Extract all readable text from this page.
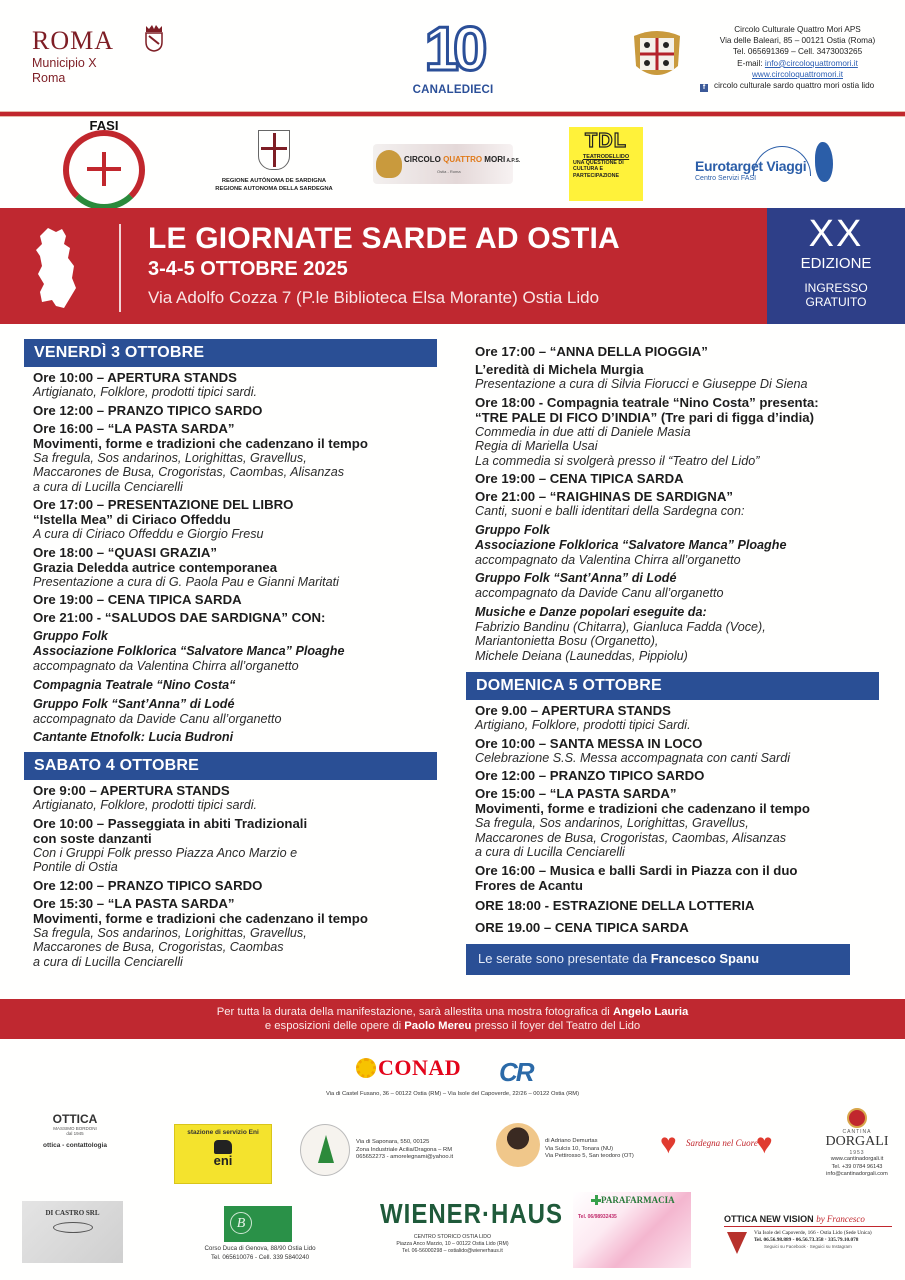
ROMA
Municipio X
Roma	10
CANALEDIECI
Circolo Culturale Quattro Mori APS
Via delle Baleari, 85 – 00121 Ostia (Roma)
Tel. 065691369 – Cell. 3473003265
E-mail: info@circoloquattromori.it
www.circoloquattromori.it
f circolo culturale sardo quattro mori ostia lido
FASI
REGIONE AUTÒNOMA DE SARDIGNA
REGIONE AUTONOMA DELLA SARDEGNA
CIRCOLO QUATTRO MORI A.P.S.
Ostia - Roma
TDL
TEATRODELLIDO
UNA QUESTIONE DI CULTURA E PARTECIPAZIONE
Eurotarget Viaggi
Centro Servizi FASI
LE GIORNATE SARDE AD OSTIA
3-4-5 OTTOBRE 2025
Via Adolfo Cozza 7 (P.le Biblioteca Elsa Morante) Ostia Lido
XX
EDIZIONE
INGRESSO
GRATUITO
VENERDÌ 3 OTTOBRE
Ore 10:00 – APERTURA STANDS
Artigianato, Folklore, prodotti tipici sardi.
Ore 12:00 – PRANZO TIPICO SARDO
Ore 16:00 – “LA PASTA SARDA”
Movimenti, forme e tradizioni che cadenzano il tempo
Sa fregula, Sos andarinos, Lorighittas, Gravellus,
Maccarones de Busa, Crogoristas, Caombas, Alisanzas
a cura di Lucilla Cenciarelli
Ore 17:00 – PRESENTAZIONE DEL LIBRO
“Istella Mea” di Ciriaco Offeddu
A cura di Ciriaco Offeddu e Giorgio Fresu
Ore 18:00 – “QUASI GRAZIA”
Grazia Deledda autrice contemporanea
Presentazione a cura di G. Paola Pau e Gianni Maritati
Ore 19:00 – CENA TIPICA SARDA
Ore 21:00 - “SALUDOS DAE SARDIGNA” CON:
Gruppo Folk
Associazione Folklorica “Salvatore Manca” Ploaghe
accompagnato da Valentina Chirra all’organetto
Compagnia Teatrale “Nino Costa“
Gruppo Folk “Sant’Anna” di Lodé
accompagnato da Davide Canu all’organetto
Cantante Etnofolk: Lucia Budroni
SABATO 4 OTTOBRE
Ore 9:00 – APERTURA STANDS
Artigianato, Folklore, prodotti tipici sardi.
Ore 10:00 – Passeggiata in abiti Tradizionali
con soste danzanti
Con i Gruppi Folk presso Piazza Anco Marzio e
Pontile di Ostia
Ore 12:00 – PRANZO TIPICO SARDO
Ore 15:30 – “LA PASTA SARDA”
Movimenti, forme e tradizioni che cadenzano il tempo
Sa fregula, Sos andarinos, Lorighittas, Gravellus,
Maccarones de Busa, Crogoristas, Caombas
a cura di Lucilla Cenciarelli
Ore 17:00 – “ANNA DELLA PIOGGIA”
L’eredità di Michela Murgia
Presentazione a cura di Silvia Fiorucci e Giuseppe Di Siena
Ore 18:00 - Compagnia teatrale “Nino Costa” presenta:
“TRE PALE DI FICO D’INDIA” (Tre pari di figga d’india)
Commedia in due atti di Daniele Masia
Regia di Mariella Usai
La commedia si svolgerà presso il “Teatro del Lido”
Ore 19:00 – CENA TIPICA SARDA
Ore 21:00 – “RAIGHINAS DE SARDIGNA”
Canti, suoni e balli identitari della Sardegna con:
Gruppo Folk
Associazione Folklorica “Salvatore Manca” Ploaghe
accompagnato da Valentina Chirra all’organetto
Gruppo Folk “Sant’Anna” di Lodé
accompagnato da Davide Canu all’organetto
Musiche e Danze popolari eseguite da:
Fabrizio Bandinu (Chitarra), Gianluca Fadda (Voce),
Mariantonietta Bosu (Organetto),
Michele Deiana (Launeddas, Pippiolu)
DOMENICA 5 OTTOBRE
Ore 9.00 – APERTURA STANDS
Artigiano, Folklore, prodotti tipici Sardi.
Ore 10:00 – SANTA MESSA IN LOCO
Celebrazione S.S. Messa accompagnata con canti Sardi
Ore 12:00 – PRANZO TIPICO SARDO
Ore 15:00 – “LA PASTA SARDA”
Movimenti, forme e tradizioni che cadenzano il tempo
Sa fregula, Sos andarinos, Lorighittas, Gravellus,
Maccarones de Busa, Crogoristas, Caombas, Alisanzas
a cura di Lucilla Cenciarelli
Ore 16:00 – Musica e balli Sardi in Piazza con il duo
Frores de Acantu
ORE 18:00 - ESTRAZIONE DELLA LOTTERIA
ORE 19.00 – CENA TIPICA SARDA
Le serate sono presentate da Francesco Spanu
Per tutta la durata della manifestazione, sarà allestita una mostra fotografica di Angelo Lauria
e esposizioni delle opere di Paolo Mereu presso il foyer del Teatro del Lido
CONAD CR
Via di Castel Fusano, 36 – 00122 Ostia (RM) – Via Isole del Capoverde, 22/26 – 00122 Ostia (RM)
OTTICA
MASSIMO BORDONI
dal 1945
ottica - contattologia
stazione di servizio Eni
eni
Via di Saponara, 550, 00125
Zona Industriale Acilia/Dragona – RM
065652273 - amorelegnami@yahoo.it
di Adriano Demurtas
Via Sulcis 10, Tonara (NU)
Via Pettirosso 5, San teodoro (OT) ♥	Sardegna nel Cuore
♥	CANTINA
DORGALI
1953
www.cantinadorgali.it
Tel. +39 0784 96143
info@cantinadorgali.com
DI CASTRO SRL
B
Corso Duca di Genova, 88/90 Ostia Lido
Tel. 065610076 - Cell. 339 5840240
WIENER·HAUS
CENTRO STORICO OSTIA LIDO
Piazza Anco Marzio, 10 – 00122 Ostia Lido (RM)
Tel. 06-56000298 – ostialido@wienerhaus.it
PARAFARMACIA
Tel. 06/98932435	OTTICA NEW VISION by Francesco
Via Isole del Capoverde, 166 - Ostia Lido (Sede Unica)
Tel. 06.56.98.889 - 06.56.73.358 · 335.79.10.078
Seguici su Facebook · Seguici su Instagram
